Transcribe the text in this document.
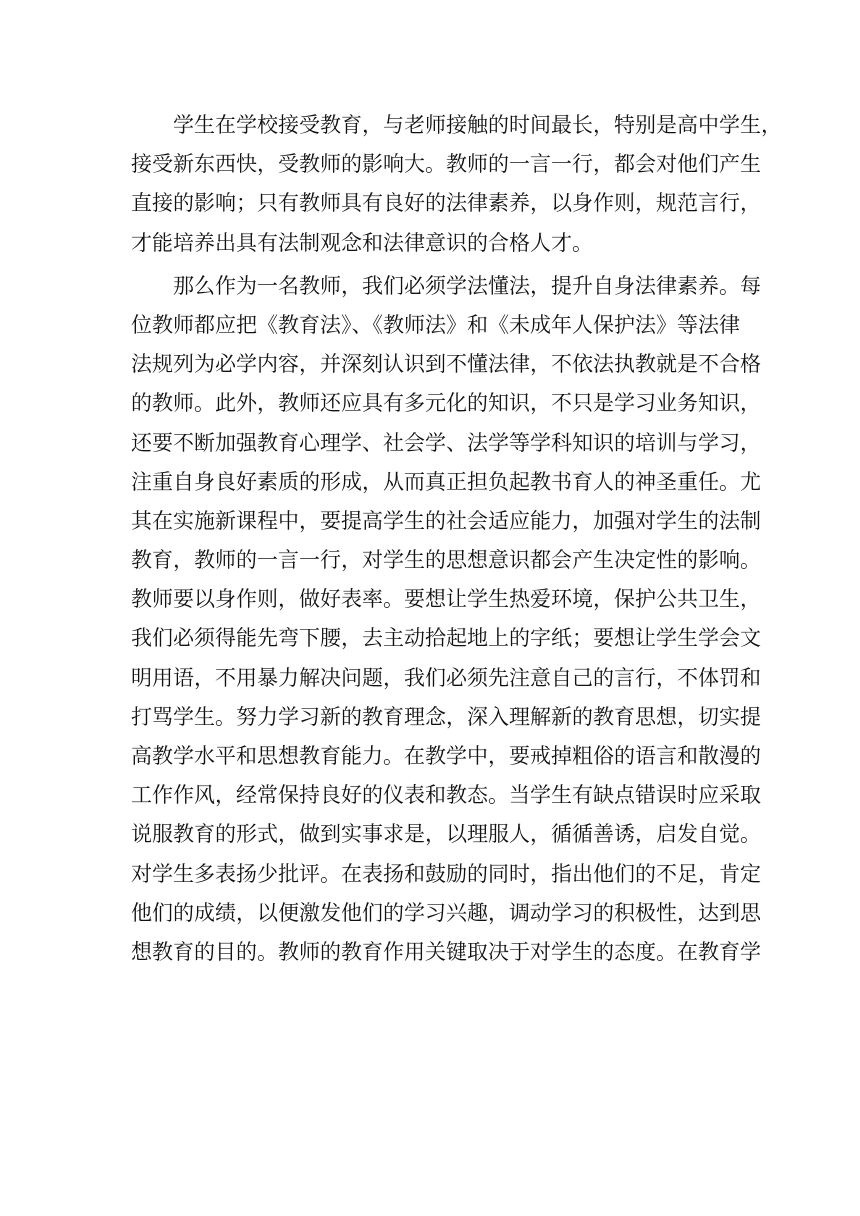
学生在学校接受教育，与老师接触的时间最长，特别是高中学生，
接受新东西快，受教师的影响大。教师的一言一行，都会对他们产生
直接的影响；只有教师具有良好的法律素养，以身作则，规范言行，
才能培养出具有法制观念和法律意识的合格人才。
那么作为一名教师，我们必须学法懂法，提升自身法律素养。每
位教师都应把《教育法》、《教师法》和《未成年人保护法》等法律
法规列为必学内容，并深刻认识到不懂法律，不依法执教就是不合格
的教师。此外，教师还应具有多元化的知识，不只是学习业务知识，
还要不断加强教育心理学、社会学、法学等学科知识的培训与学习，
注重自身良好素质的形成，从而真正担负起教书育人的神圣重任。尤
其在实施新课程中，要提高学生的社会适应能力，加强对学生的法制
教育，教师的一言一行，对学生的思想意识都会产生决定性的影响。
教师要以身作则，做好表率。要想让学生热爱环境，保护公共卫生，
我们必须得能先弯下腰，去主动拾起地上的字纸；要想让学生学会文
明用语，不用暴力解决问题，我们必须先注意自己的言行，不体罚和
打骂学生。努力学习新的教育理念，深入理解新的教育思想，切实提
高教学水平和思想教育能力。在教学中，要戒掉粗俗的语言和散漫的
工作作风，经常保持良好的仪表和教态。当学生有缺点错误时应采取
说服教育的形式，做到实事求是，以理服人，循循善诱，启发自觉。
对学生多表扬少批评。在表扬和鼓励的同时，指出他们的不足，肯定
他们的成绩，以便激发他们的学习兴趣，调动学习的积极性，达到思
想教育的目的。教师的教育作用关键取决于对学生的态度。在教育学
